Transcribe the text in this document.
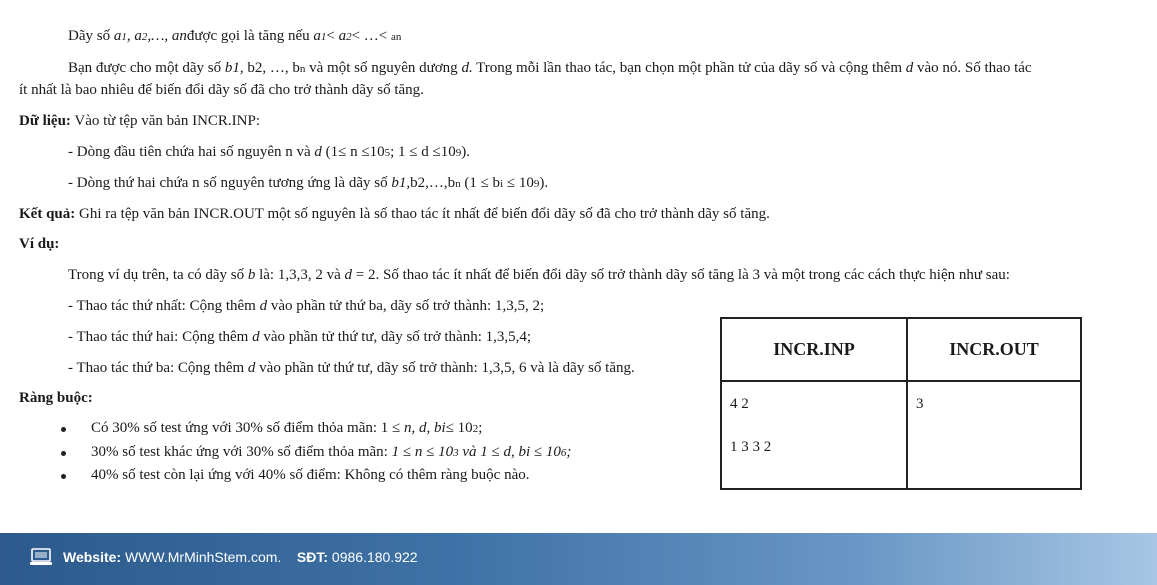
Dãy số a1, a2,…, anđược gọi là tăng nếu a1< a2< …< an
Bạn được cho một dãy số b1, b2, …, bn và một số nguyên dương d. Trong mỗi lần thao tác, bạn chọn một phần tử của dãy số và cộng thêm d vào nó. Số thao tác
ít nhất là bao nhiêu để biến đổi dãy số đã cho trở thành dãy số tăng.
Dữ liệu: Vào từ tệp văn bản INCR.INP:
- Dòng đầu tiên chứa hai số nguyên n và d (1≤ n ≤105; 1 ≤ d ≤109).
- Dòng thứ hai chứa n số nguyên tương ứng là dãy số b1,b2,…,bn (1 ≤ bi ≤ 109).
Kết quả: Ghi ra tệp văn bản INCR.OUT một số nguyên là số thao tác ít nhất để biến đổi dãy số đã cho trở thành dãy số tăng.
Ví dụ:
Trong ví dụ trên, ta có dãy số b là: 1,3,3, 2 và d = 2. Số thao tác ít nhất để biến đổi dãy số trở thành dãy số tăng là 3 và một trong các cách thực hiện như sau:
- Thao tác thứ nhất: Cộng thêm d vào phần tử thứ ba, dãy số trở thành: 1,3,5, 2;
- Thao tác thứ hai: Cộng thêm d vào phần tử thứ tư, dãy số trở thành: 1,3,5,4;
- Thao tác thứ ba: Cộng thêm d vào phần tử thứ tư, dãy số trở thành: 1,3,5, 6 và là dãy số tăng.
Ràng buộc:
Có 30% số test ứng với 30% số điểm thỏa mãn: 1 ≤ n, d, bi≤ 102;
30% số test khác ứng với 30% số điểm thỏa mãn: 1 ≤ n ≤ 103 và 1 ≤ d, bi ≤ 106;
40% số test còn lại ứng với 40% số điểm: Không có thêm ràng buộc nào.
INCR.INP	INCR.OUT

4 2
1 3 3 2	3
Website: WWW.MrMinhStem.com. SĐT: 0986.180.922
